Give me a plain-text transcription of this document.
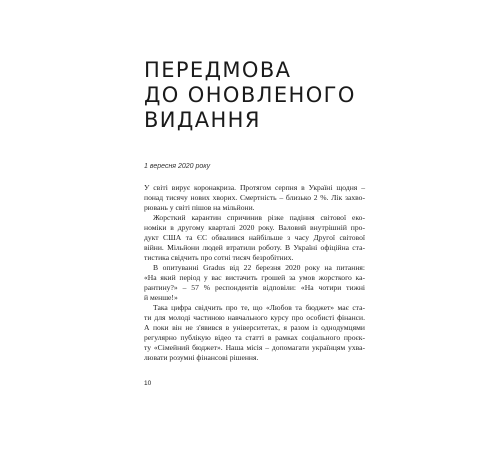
ПЕРЕДМОВА
ДО ОНОВЛЕНОГО
ВИДАННЯ

1 вересня 2020 року

У світі вирує коронакриза. Протягом серпня в Україні щодня –
понад тисячу нових хворих. Смертність – близько 2 %. Лік захво-
рювань у світі пішов на мільйони.
Жорсткий карантин спричинив різке падіння світової еко-
номіки в другому кварталі 2020 року. Валовий внутрішній про-
дукт США та ЄС обвалився найбільше з часу Другої світової
війни. Мільйони людей втратили роботу. В Україні офіційна ста-
тистика свідчить про сотні тисяч безробітних.
В опитуванні Gradus від 22 березня 2020 року на питання:
«На який період у вас вистачить грошей за умов жорсткого ка-
рантину?» – 57 % респондентів відповіли: «На чотири тижні
й менше!»
Така цифра свідчить про те, що «Любов та бюджет» має ста-
ти для молоді частиною навчального курсу про особисті фінанси.
А поки він не з'явився в університетах, я разом із однодумцями
регулярно публікую відео та статті в рамках соціального проєк-
ту «Сімейний бюджет». Наша місія – допомагати українцям ухва-
лювати розумні фінансові рішення.

10
